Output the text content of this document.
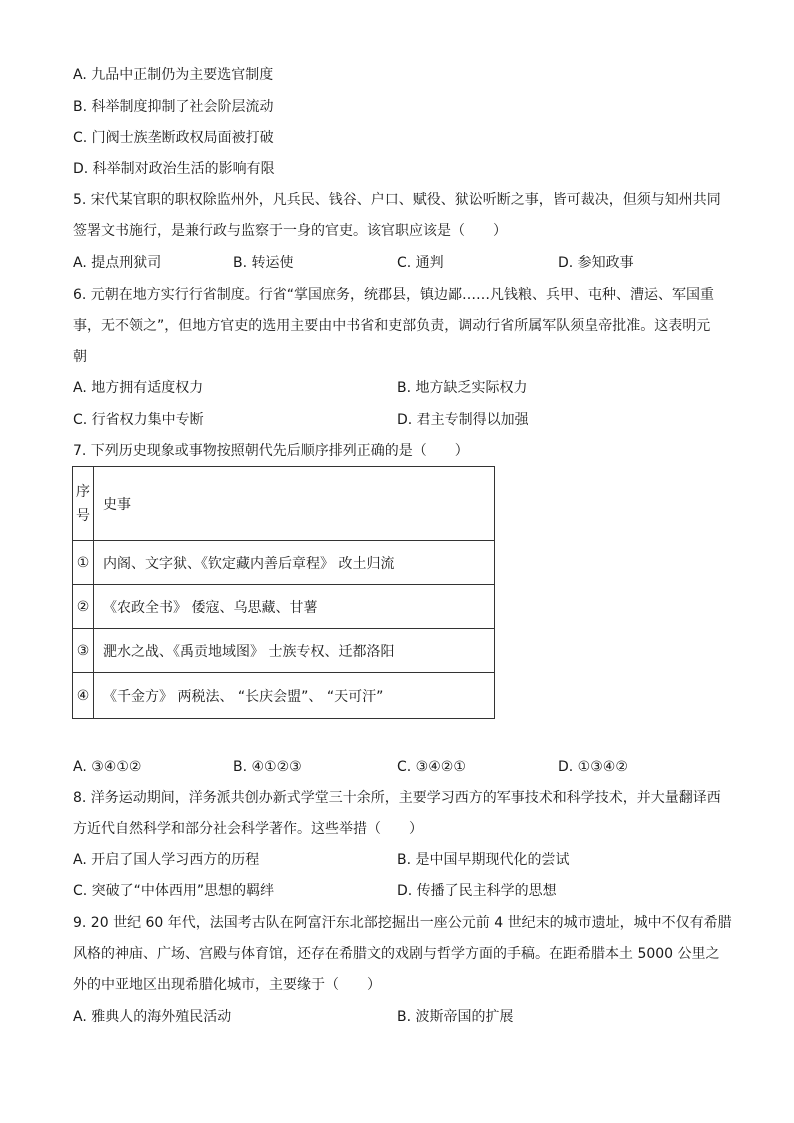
A. 九品中正制仍为主要选官制度
B. 科举制度抑制了社会阶层流动
C. 门阀士族垄断政权局面被打破
D. 科举制对政治生活的影响有限
5. 宋代某官职的职权除监州外，凡兵民、钱谷、户口、赋役、狱讼听断之事，皆可裁决，但须与知州共同
签署文书施行，是兼行政与监察于一身的官吏。该官职应该是（　　）
A. 提点刑狱司	B. 转运使	C. 通判	D. 参知政事
6. 元朝在地方实行行省制度。行省“掌国庶务，统郡县，镇边鄙……凡钱粮、兵甲、屯种、漕运、军国重
事，无不领之”，但地方官吏的选用主要由中书省和吏部负责，调动行省所属军队须皇帝批准。这表明元
朝
A. 地方拥有适度权力	B. 地方缺乏实际权力
C. 行省权力集中专断	D. 君主专制得以加强
7. 下列历史现象或事物按照朝代先后顺序排列正确的是（　　）
序
号	史事
①	内阁、文字狱、《钦定藏内善后章程》 改土归流
②	《农政全书》 倭寇、乌思藏、甘薯
③	淝水之战、《禹贡地域图》 士族专权、迁都洛阳
④	《千金方》 两税法、 “长庆会盟”、 “天可汗”
A. ③④①②	B. ④①②③	C. ③④②①	D. ①③④②
8. 洋务运动期间，洋务派共创办新式学堂三十余所，主要学习西方的军事技术和科学技术，并大量翻译西
方近代自然科学和部分社会科学著作。这些举措（　　）
A. 开启了国人学习西方的历程	B. 是中国早期现代化的尝试
C. 突破了“中体西用”思想的羁绊	D. 传播了民主科学的思想
9. 20 世纪 60 年代，法国考古队在阿富汗东北部挖掘出一座公元前 4 世纪末的城市遗址，城中不仅有希腊
风格的神庙、广场、宫殿与体育馆，还存在希腊文的戏剧与哲学方面的手稿。在距希腊本土 5000 公里之
外的中亚地区出现希腊化城市，主要缘于（　　）
A. 雅典人的海外殖民活动	B. 波斯帝国的扩展
